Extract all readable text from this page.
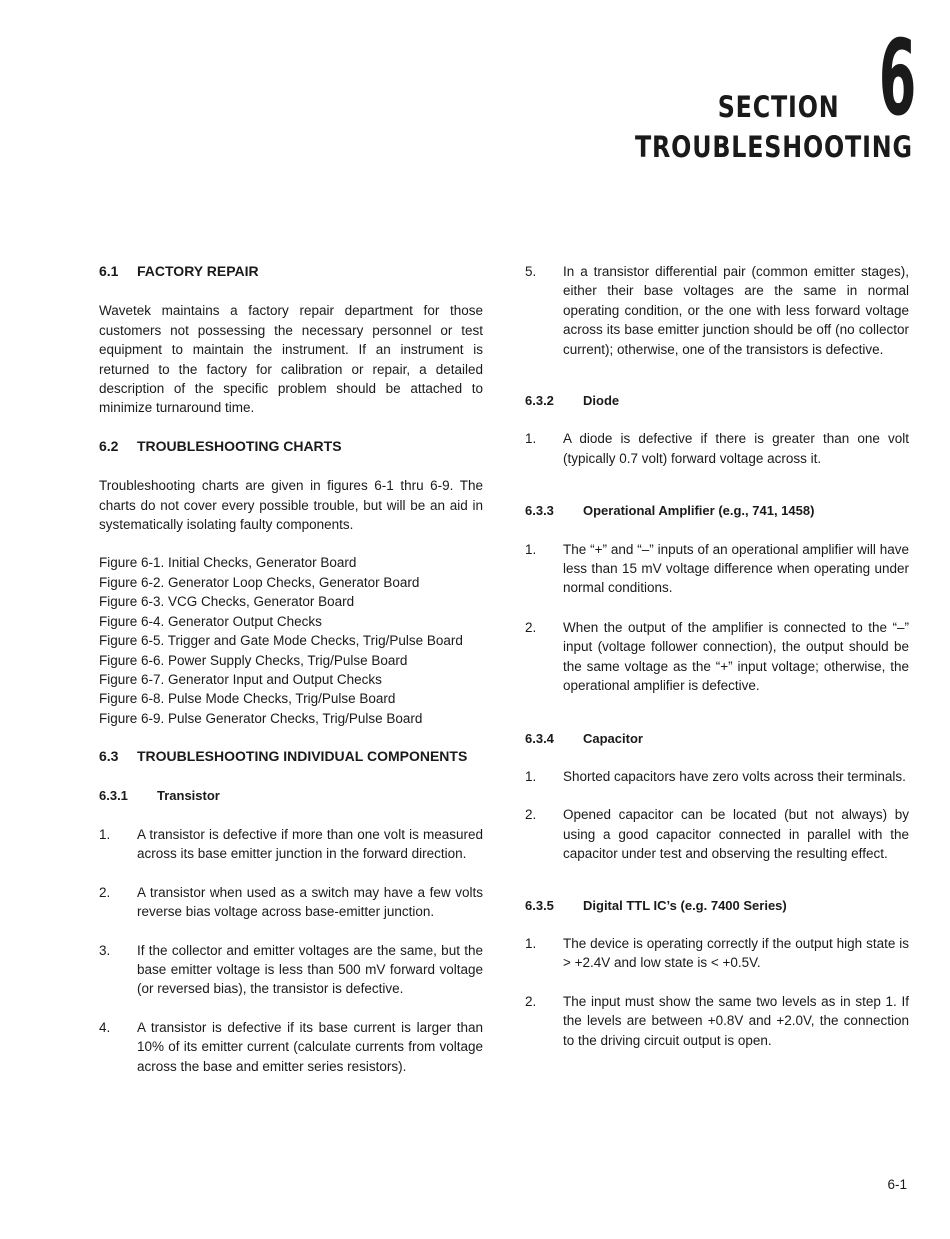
SECTION 6
TROUBLESHOOTING
6.1	FACTORY REPAIR

Wavetek maintains a factory repair department for those customers not possessing the necessary personnel or test equipment to maintain the instrument. If an instrument is returned to the factory for calibration or repair, a detailed description of the specific problem should be attached to minimize turnaround time.

6.2	TROUBLESHOOTING CHARTS

Troubleshooting charts are given in figures 6-1 thru 6-9. The charts do not cover every possible trouble, but will be an aid in systematically isolating faulty components.

Figure 6-1. Initial Checks, Generator Board
Figure 6-2. Generator Loop Checks, Generator Board
Figure 6-3. VCG Checks, Generator Board
Figure 6-4. Generator Output Checks
Figure 6-5. Trigger and Gate Mode Checks, Trig/Pulse Board
Figure 6-6. Power Supply Checks, Trig/Pulse Board
Figure 6-7. Generator Input and Output Checks
Figure 6-8. Pulse Mode Checks, Trig/Pulse Board
Figure 6-9. Pulse Generator Checks, Trig/Pulse Board
6.3	TROUBLESHOOTING INDIVIDUAL COMPONENTS
6.3.1	Transistor
1.	A transistor is defective if more than one volt is measured across its base emitter junction in the forward direction.
2.	A transistor when used as a switch may have a few volts reverse bias voltage across base-emitter junction.
3.	If the collector and emitter voltages are the same, but the base emitter voltage is less than 500 mV forward voltage (or reversed bias), the transistor is defective.
4.	A transistor is defective if its base current is larger than 10% of its emitter current (calculate currents from voltage across the base and emitter series resistors).
5.	In a transistor differential pair (common emitter stages), either their base voltages are the same in normal operating condition, or the one with less forward voltage across its base emitter junction should be off (no collector current); otherwise, one of the transistors is defective.
6.3.2	Diode
1.	A diode is defective if there is greater than one volt (typically 0.7 volt) forward voltage across it.
6.3.3	Operational Amplifier (e.g., 741, 1458)
1.	The “+” and “–” inputs of an operational amplifier will have less than 15 mV voltage difference when operating under normal conditions.
2.	When the output of the amplifier is connected to the “–” input (voltage follower connection), the output should be the same voltage as the “+” input voltage; otherwise, the operational amplifier is defective.
6.3.4	Capacitor
1.	Shorted capacitors have zero volts across their terminals.
2.	Opened capacitor can be located (but not always) by using a good capacitor connected in parallel with the capacitor under test and observing the resulting effect.
6.3.5	Digital TTL IC’s (e.g. 7400 Series)
1.	The device is operating correctly if the output high state is > +2.4V and low state is < +0.5V.
2.	The input must show the same two levels as in step 1. If the levels are between +0.8V and +2.0V, the connection to the driving circuit output is open.
6-1
